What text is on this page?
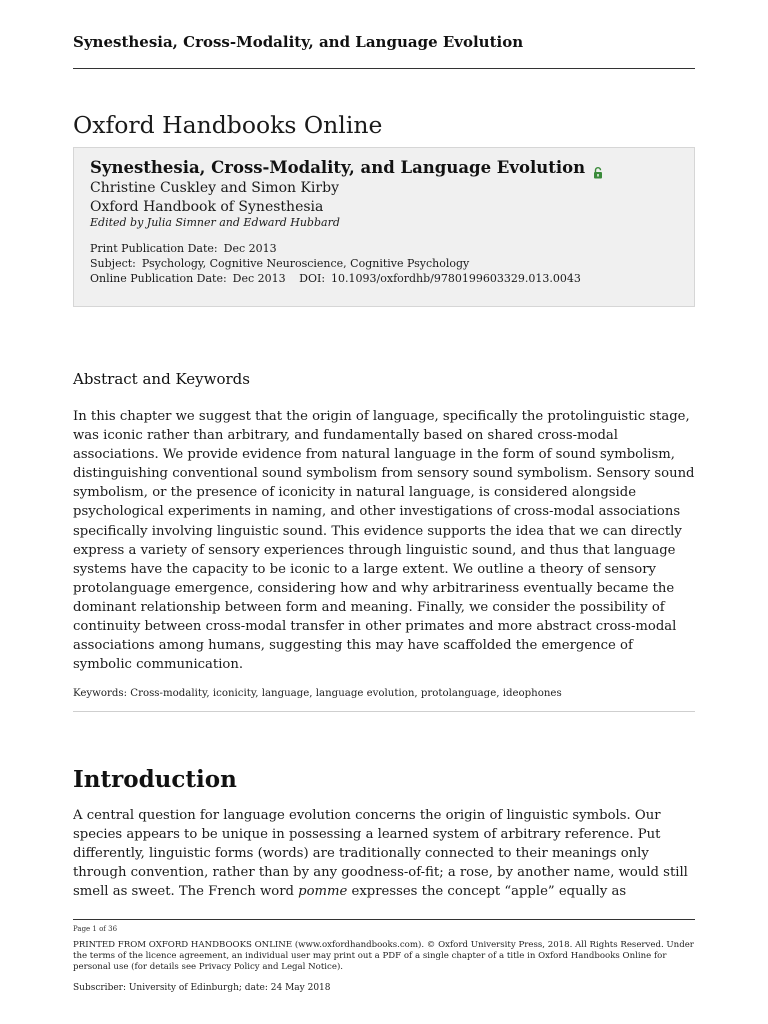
Synesthesia, Cross-Modality, and Language Evolution
Oxford Handbooks Online
Synesthesia, Cross-Modality, and Language Evolution
Christine Cuskley and Simon Kirby
Oxford Handbook of Synesthesia
Edited by Julia Simner and Edward Hubbard
Print Publication Date: Dec 2013
Subject: Psychology, Cognitive Neuroscience, Cognitive Psychology
Online Publication Date: Dec 2013 DOI: 10.1093/oxfordhb/9780199603329.013.0043
Abstract and Keywords
In this chapter we suggest that the origin of language, specifically the protolinguistic stage, was iconic rather than arbitrary, and fundamentally based on shared cross-modal associations. We provide evidence from natural language in the form of sound symbolism, distinguishing conventional sound symbolism from sensory sound symbolism. Sensory sound symbolism, or the presence of iconicity in natural language, is considered alongside psychological experiments in naming, and other investigations of cross-modal associations specifically involving linguistic sound. This evidence supports the idea that we can directly express a variety of sensory experiences through linguistic sound, and thus that language systems have the capacity to be iconic to a large extent. We outline a theory of sensory protolanguage emergence, considering how and why arbitrariness eventually became the dominant relationship between form and meaning. Finally, we consider the possibility of continuity between cross-modal transfer in other primates and more abstract cross-modal associations among humans, suggesting this may have scaffolded the emergence of symbolic communication.
Keywords: Cross-modality, iconicity, language, language evolution, protolanguage, ideophones
Introduction
A central question for language evolution concerns the origin of linguistic symbols. Our species appears to be unique in possessing a learned system of arbitrary reference. Put differently, linguistic forms (words) are traditionally connected to their meanings only through convention, rather than by any goodness-of-fit; a rose, by another name, would still smell as sweet. The French word pomme expresses the concept “apple” equally as
Page 1 of 36
PRINTED FROM OXFORD HANDBOOKS ONLINE (www.oxfordhandbooks.com). © Oxford University Press, 2018. All Rights Reserved. Under the terms of the licence agreement, an individual user may print out a PDF of a single chapter of a title in Oxford Handbooks Online for personal use (for details see Privacy Policy and Legal Notice).
Subscriber: University of Edinburgh; date: 24 May 2018
